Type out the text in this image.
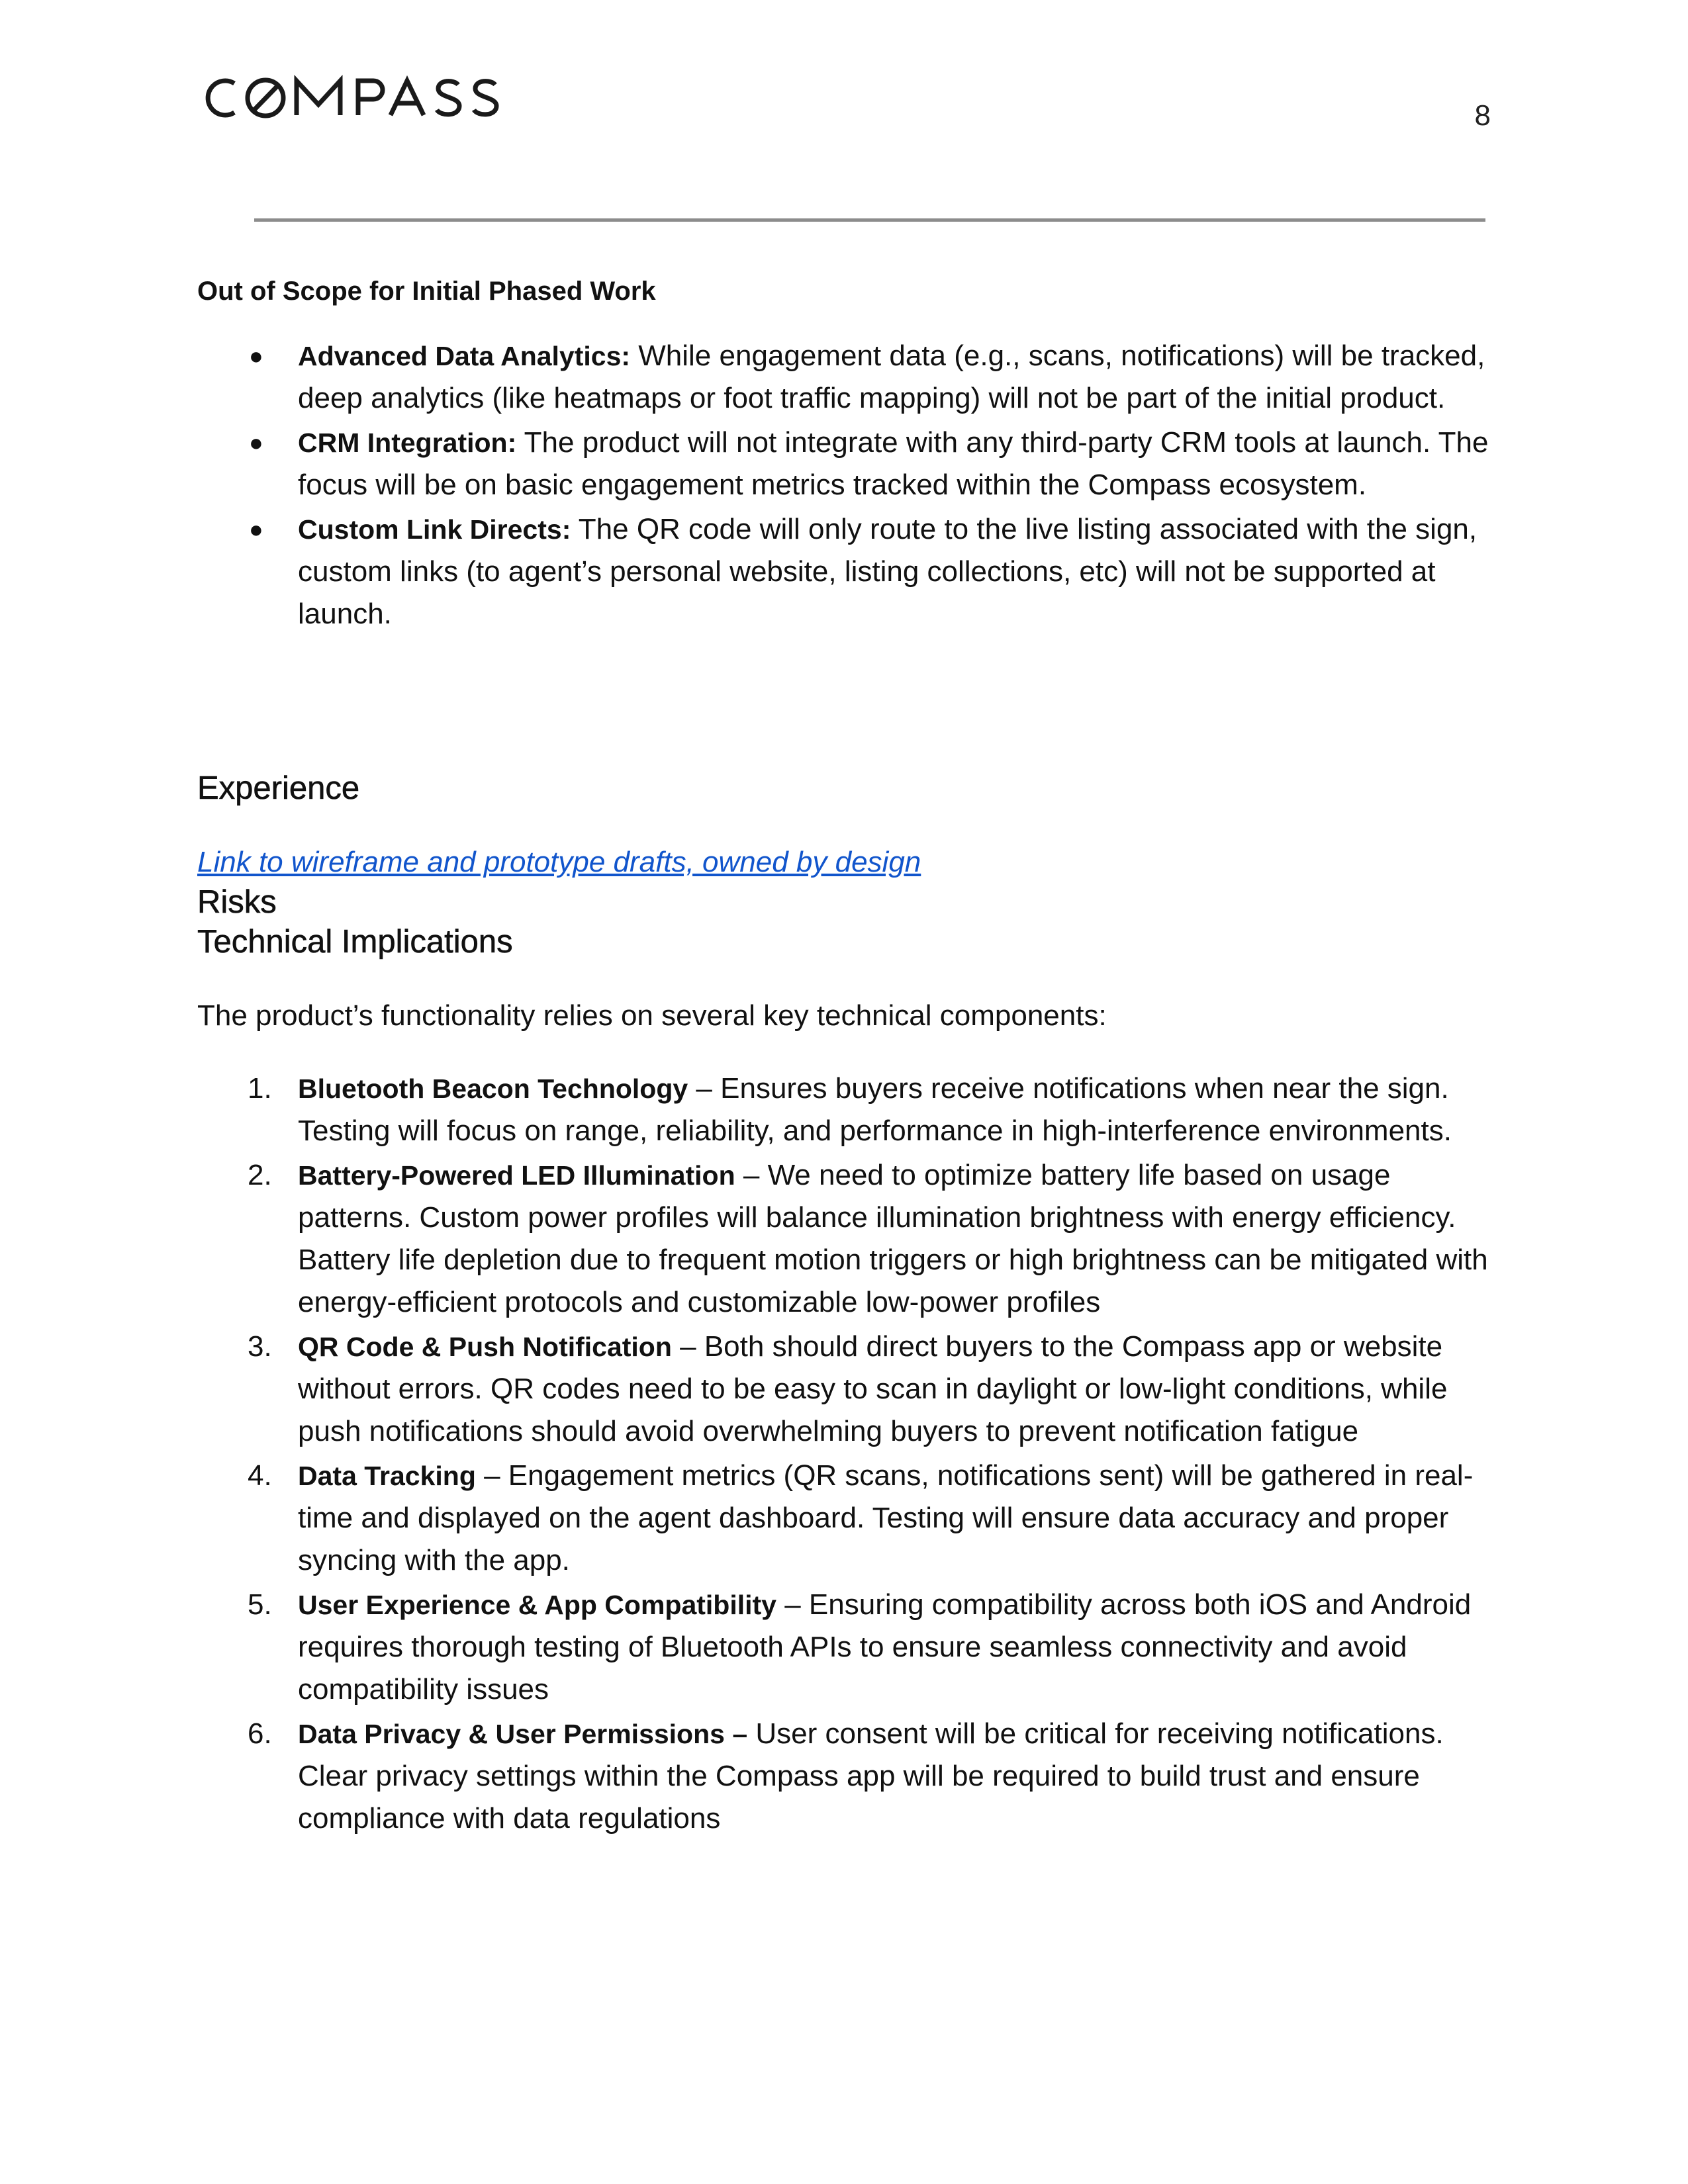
8
Out of Scope for Initial Phased Work
● Advanced Data Analytics: While engagement data (e.g., scans, notifications) will be tracked, deep analytics (like heatmaps or foot traffic mapping) will not be part of the initial product.
● CRM Integration: The product will not integrate with any third-party CRM tools at launch. The focus will be on basic engagement metrics tracked within the Compass ecosystem.
● Custom Link Directs: The QR code will only route to the live listing associated with the sign, custom links (to agent’s personal website, listing collections, etc) will not be supported at launch.
Experience
Link to wireframe and prototype drafts, owned by design
Risks
Technical Implications
The product’s functionality relies on several key technical components:
1. Bluetooth Beacon Technology – Ensures buyers receive notifications when near the sign. Testing will focus on range, reliability, and performance in high-interference environments.
2. Battery-Powered LED Illumination – We need to optimize battery life based on usage patterns. Custom power profiles will balance illumination brightness with energy efficiency. Battery life depletion due to frequent motion triggers or high brightness can be mitigated with energy-efficient protocols and customizable low-power profiles
3. QR Code & Push Notification – Both should direct buyers to the Compass app or website without errors. QR codes need to be easy to scan in daylight or low-light conditions, while push notifications should avoid overwhelming buyers to prevent notification fatigue
4. Data Tracking – Engagement metrics (QR scans, notifications sent) will be gathered in real-time and displayed on the agent dashboard. Testing will ensure data accuracy and proper syncing with the app.
5. User Experience & App Compatibility – Ensuring compatibility across both iOS and Android requires thorough testing of Bluetooth APIs to ensure seamless connectivity and avoid compatibility issues
6. Data Privacy & User Permissions – User consent will be critical for receiving notifications. Clear privacy settings within the Compass app will be required to build trust and ensure compliance with data regulations
